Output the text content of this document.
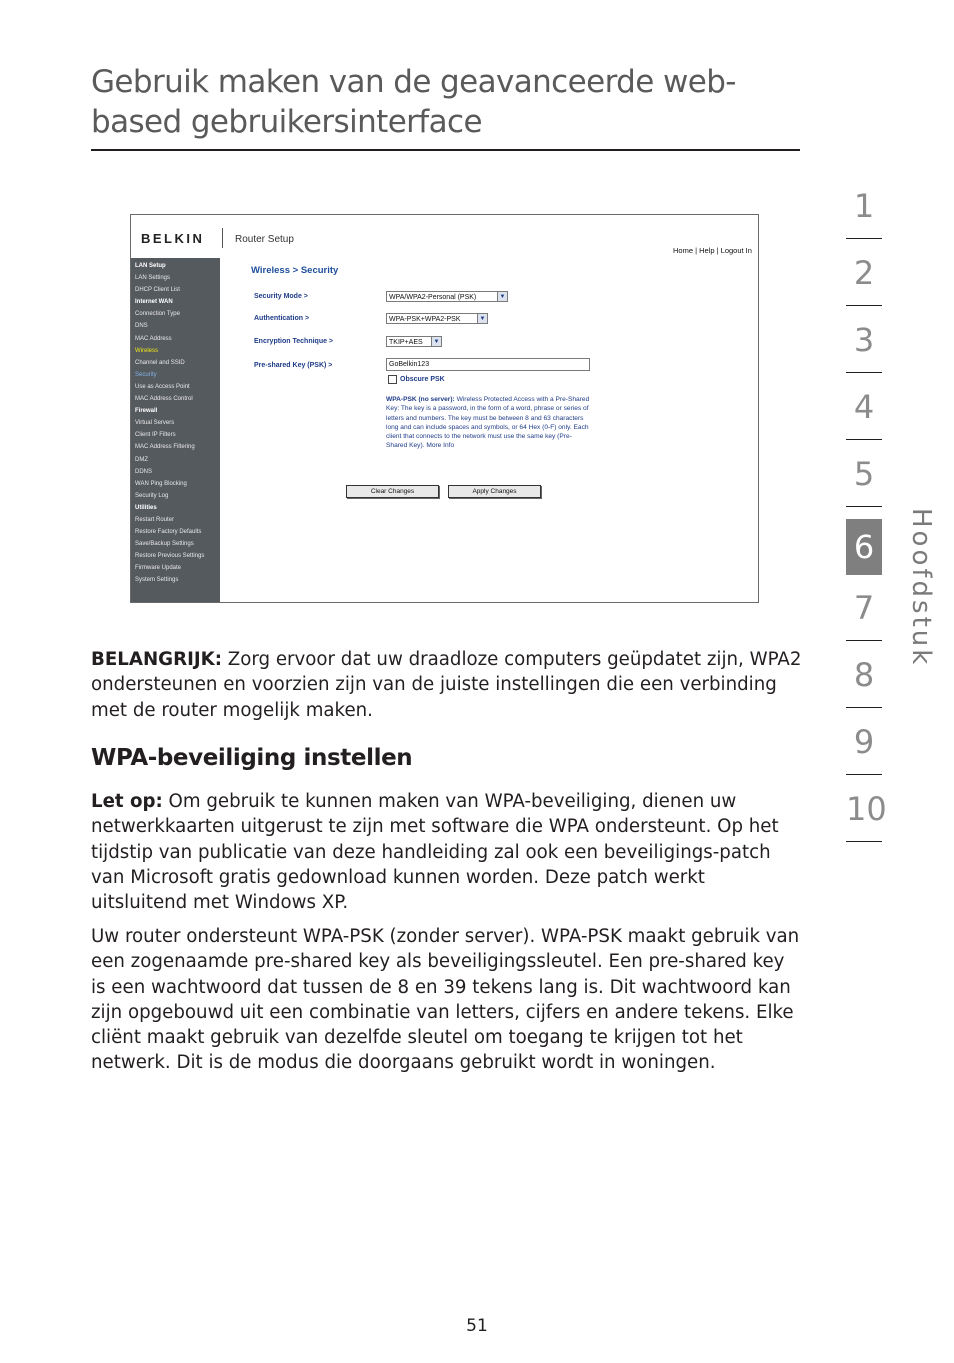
Gebruik maken van de geavanceerde web-based gebruikersinterface
1
2
3
4
5
6
7
8
9
10
Hoofdstuk
BELKIN	Router Setup
Home | Help | Logout In
LAN Setup
LAN Settings
DHCP Client List
Internet WAN
Connection Type
DNS
MAC Address
Wireless
Channel and SSID
Security
Use as Access Point
MAC Address Control
Firewall
Virtual Servers
Client IP Filters
MAC Address Filtering
DMZ
DDNS
WAN Ping Blocking
Security Log
Utilities
Restart Router
Restore Factory Defaults
Save/Backup Settings
Restore Previous Settings
Firmware Update
System Settings
Wireless > Security
Security Mode >	WPA/WPA2-Personal (PSK)	▼
Authentication >	WPA-PSK+WPA2-PSK	▼
Encryption Technique >	TKIP+AES	▼
Pre-shared Key (PSK) >	GoBelkin123
Obscure PSK
WPA-PSK (no server): Wireless Protected Access with a Pre-Shared Key: The key is a password, in the form of a word, phrase or series of letters and numbers. The key must be between 8 and 63 characters long and can include spaces and symbols, or 64 Hex (0-F) only. Each client that connects to the network must use the same key (Pre-Shared Key). More Info
Clear Changes	Apply Changes

BELANGRIJK: Zorg ervoor dat uw draadloze computers geüpdatet zijn, WPA2 ondersteunen en voorzien zijn van de juiste instellingen die een verbinding met de router mogelijk maken.

WPA-beveiliging instellen

Let op: Om gebruik te kunnen maken van WPA-beveiliging, dienen uw netwerkkaarten uitgerust te zijn met software die WPA ondersteunt. Op het tijdstip van publicatie van deze handleiding zal ook een beveiligings-patch van Microsoft gratis gedownload kunnen worden. Deze patch werkt uitsluitend met Windows XP.

Uw router ondersteunt WPA-PSK (zonder server). WPA-PSK maakt gebruik van een zogenaamde pre-shared key als beveiligingssleutel. Een pre-shared key is een wachtwoord dat tussen de 8 en 39 tekens lang is. Dit wachtwoord kan zijn opgebouwd uit een combinatie van letters, cijfers en andere tekens. Elke cliënt maakt gebruik van dezelfde sleutel om toegang te krijgen tot het netwerk. Dit is de modus die doorgaans gebruikt wordt in woningen.

51
